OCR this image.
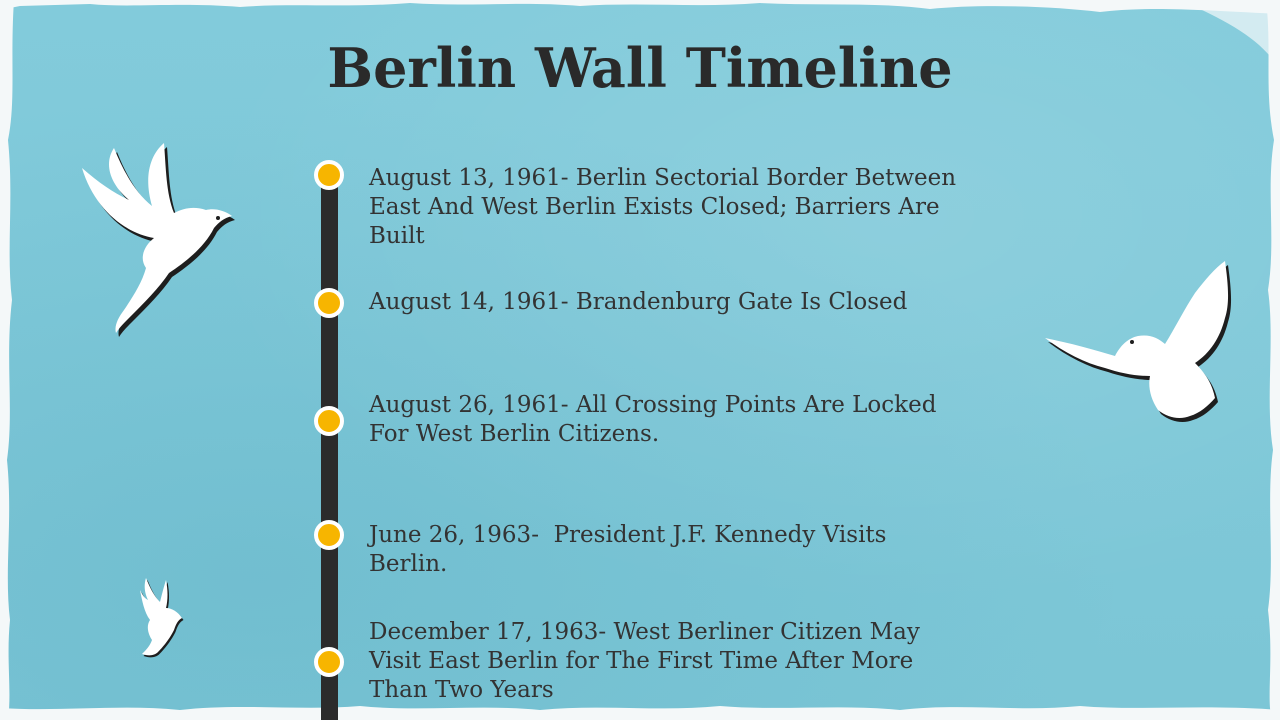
Berlin Wall Timeline
August 13, 1961- Berlin Sectorial Border Between East And West Berlin Exists Closed; Barriers Are Built
August 14, 1961- Brandenburg Gate Is Closed
August 26, 1961- All Crossing Points Are Locked For West Berlin Citizens.
June 26, 1963-  President J.F. Kennedy Visits Berlin.
December 17, 1963- West Berliner Citizen May Visit East Berlin for The First Time After More Than Two Years
